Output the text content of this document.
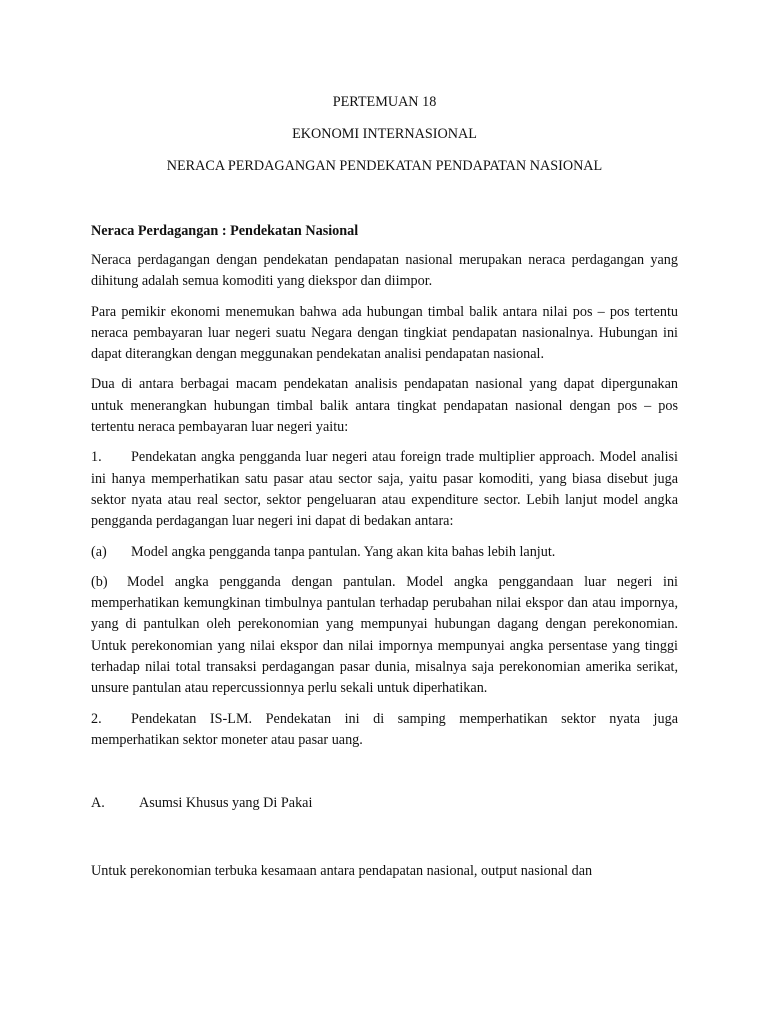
PERTEMUAN 18

EKONOMI INTERNASIONAL

NERACA PERDAGANGAN PENDEKATAN PENDAPATAN NASIONAL

Neraca Perdagangan : Pendekatan Nasional

Neraca perdagangan dengan pendekatan pendapatan nasional merupakan neraca perdagangan yang dihitung adalah semua komoditi yang diekspor dan diimpor.

Para pemikir ekonomi menemukan bahwa ada hubungan timbal balik antara nilai pos – pos tertentu neraca pembayaran luar negeri suatu Negara dengan tingkiat pendapatan nasionalnya. Hubungan ini dapat diterangkan dengan meggunakan pendekatan analisi pendapatan nasional.

Dua di antara berbagai macam pendekatan analisis pendapatan nasional yang dapat dipergunakan untuk menerangkan hubungan timbal balik antara tingkat pendapatan nasional dengan pos – pos tertentu neraca pembayaran luar negeri yaitu:

1. Pendekatan angka pengganda luar negeri atau foreign trade multiplier approach. Model analisi ini hanya memperhatikan satu pasar atau sector saja, yaitu pasar komoditi, yang biasa disebut juga sektor nyata atau real sector, sektor pengeluaran atau expenditure sector. Lebih lanjut model angka pengganda perdagangan luar negeri ini dapat di bedakan antara:

(a) Model angka pengganda tanpa pantulan. Yang akan kita bahas lebih lanjut.

(b) Model angka pengganda dengan pantulan. Model angka penggandaan luar negeri ini memperhatikan kemungkinan timbulnya pantulan terhadap perubahan nilai ekspor dan atau impornya, yang di pantulkan oleh perekonomian yang mempunyai hubungan dagang dengan perekonomian. Untuk perekonomian yang nilai ekspor dan nilai impornya mempunyai angka persentase yang tinggi terhadap nilai total transaksi perdagangan pasar dunia, misalnya saja perekonomian amerika serikat, unsure pantulan atau repercussionnya perlu sekali untuk diperhatikan.

2. Pendekatan IS-LM. Pendekatan ini di samping memperhatikan sektor nyata juga memperhatikan sektor moneter atau pasar uang.

A. Asumsi Khusus yang Di Pakai

Untuk perekonomian terbuka kesamaan antara pendapatan nasional, output nasional dan
